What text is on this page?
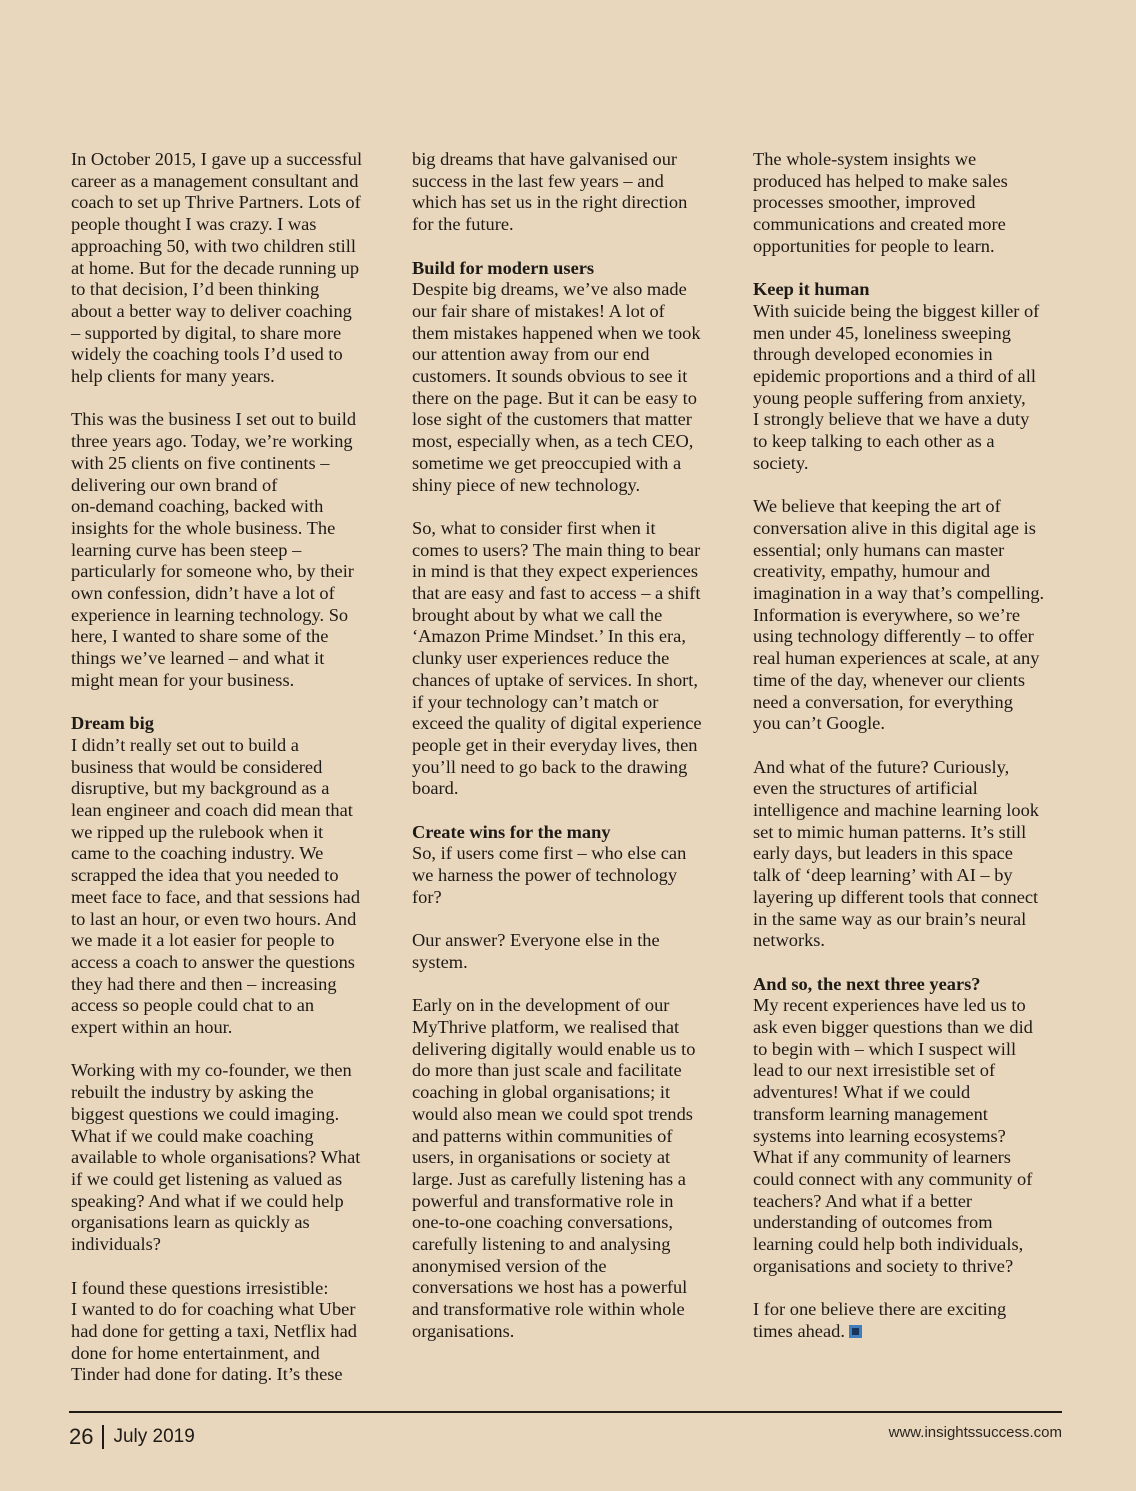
In October 2015, I gave up a successful
career as a management consultant and
coach to set up Thrive Partners. Lots of
people thought I was crazy. I was
approaching 50, with two children still
at home. But for the decade running up
to that decision, I’d been thinking
about a better way to deliver coaching
– supported by digital, to share more
widely the coaching tools I’d used to
help clients for many years.

This was the business I set out to build
three years ago. Today, we’re working
with 25 clients on five continents –
delivering our own brand of
on-demand coaching, backed with
insights for the whole business. The
learning curve has been steep –
particularly for someone who, by their
own confession, didn’t have a lot of
experience in learning technology. So
here, I wanted to share some of the
things we’ve learned – and what it
might mean for your business.

Dream big

I didn’t really set out to build a
business that would be considered
disruptive, but my background as a
lean engineer and coach did mean that
we ripped up the rulebook when it
came to the coaching industry. We
scrapped the idea that you needed to
meet face to face, and that sessions had
to last an hour, or even two hours. And
we made it a lot easier for people to
access a coach to answer the questions
they had there and then – increasing
access so people could chat to an
expert within an hour.

Working with my co-founder, we then
rebuilt the industry by asking the
biggest questions we could imaging.
What if we could make coaching
available to whole organisations? What
if we could get listening as valued as
speaking? And what if we could help
organisations learn as quickly as
individuals?

I found these questions irresistible:
I wanted to do for coaching what Uber
had done for getting a taxi, Netflix had
done for home entertainment, and
Tinder had done for dating. It’s these

big dreams that have galvanised our
success in the last few years – and
which has set us in the right direction
for the future.

Build for modern users

Despite big dreams, we’ve also made
our fair share of mistakes! A lot of
them mistakes happened when we took
our attention away from our end
customers. It sounds obvious to see it
there on the page. But it can be easy to
lose sight of the customers that matter
most, especially when, as a tech CEO,
sometime we get preoccupied with a
shiny piece of new technology.

So, what to consider first when it
comes to users? The main thing to bear
in mind is that they expect experiences
that are easy and fast to access – a shift
brought about by what we call the
‘Amazon Prime Mindset.’ In this era,
clunky user experiences reduce the
chances of uptake of services. In short,
if your technology can’t match or
exceed the quality of digital experience
people get in their everyday lives, then
you’ll need to go back to the drawing
board.

Create wins for the many

So, if users come first – who else can
we harness the power of technology
for?

Our answer? Everyone else in the
system.

Early on in the development of our
MyThrive platform, we realised that
delivering digitally would enable us to
do more than just scale and facilitate
coaching in global organisations; it
would also mean we could spot trends
and patterns within communities of
users, in organisations or society at
large. Just as carefully listening has a
powerful and transformative role in
one-to-one coaching conversations,
carefully listening to and analysing
anonymised version of the
conversations we host has a powerful
and transformative role within whole
organisations.

The whole-system insights we
produced has helped to make sales
processes smoother, improved
communications and created more
opportunities for people to learn.

Keep it human

With suicide being the biggest killer of
men under 45, loneliness sweeping
through developed economies in
epidemic proportions and a third of all
young people suffering from anxiety,
I strongly believe that we have a duty
to keep talking to each other as a
society.

We believe that keeping the art of
conversation alive in this digital age is
essential; only humans can master
creativity, empathy, humour and
imagination in a way that’s compelling.
Information is everywhere, so we’re
using technology differently – to offer
real human experiences at scale, at any
time of the day, whenever our clients
need a conversation, for everything
you can’t Google.

And what of the future? Curiously,
even the structures of artificial
intelligence and machine learning look
set to mimic human patterns. It’s still
early days, but leaders in this space
talk of ‘deep learning’ with AI – by
layering up different tools that connect
in the same way as our brain’s neural
networks.

And so, the next three years?

My recent experiences have led us to
ask even bigger questions than we did
to begin with – which I suspect will
lead to our next irresistible set of
adventures! What if we could
transform learning management
systems into learning ecosystems?
What if any community of learners
could connect with any community of
teachers? And what if a better
understanding of outcomes from
learning could help both individuals,
organisations and society to thrive?

I for one believe there are exciting
times ahead.

26 July 2019	www.insightssuccess.com
